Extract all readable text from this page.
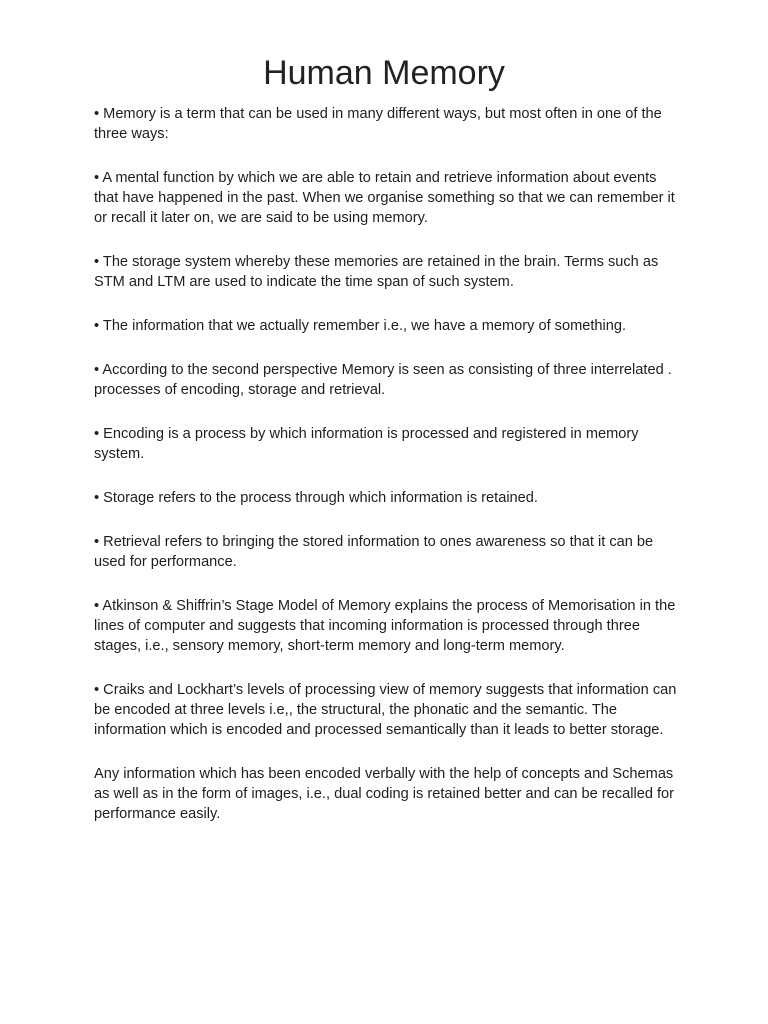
Human Memory

• Memory is a term that can be used in many different ways, but most often in one of the three ways:

• A mental function by which we are able to retain and retrieve information about events that have happened in the past. When we organise something so that we can remember it or recall it later on, we are said to be using memory.

• The storage system whereby these memories are retained in the brain. Terms such as STM and LTM are used to indicate the time span of such system.

• The information that we actually remember i.e., we have a memory of something.

• According to the second perspective Memory is seen as consisting of three interrelated . processes of encoding, storage and retrieval.

• Encoding is a process by which information is processed and registered in memory system.

• Storage refers to the process through which information is retained.

• Retrieval refers to bringing the stored information to ones awareness so that it can be used for performance.

• Atkinson & Shiffrin’s Stage Model of Memory explains the process of Memorisation in the lines of computer and suggests that incoming information is processed through three stages, i.e., sensory memory, short-term memory and long-term memory.

• Craiks and Lockhart’s levels of processing view of memory suggests that information can be encoded at three levels i.e,, the structural, the phonatic and the semantic. The information which is encoded and processed semantically than it leads to better storage.

Any information which has been encoded verbally with the help of concepts and Schemas as well as in the form of images, i.e., dual coding is retained better and can be recalled for performance easily.
